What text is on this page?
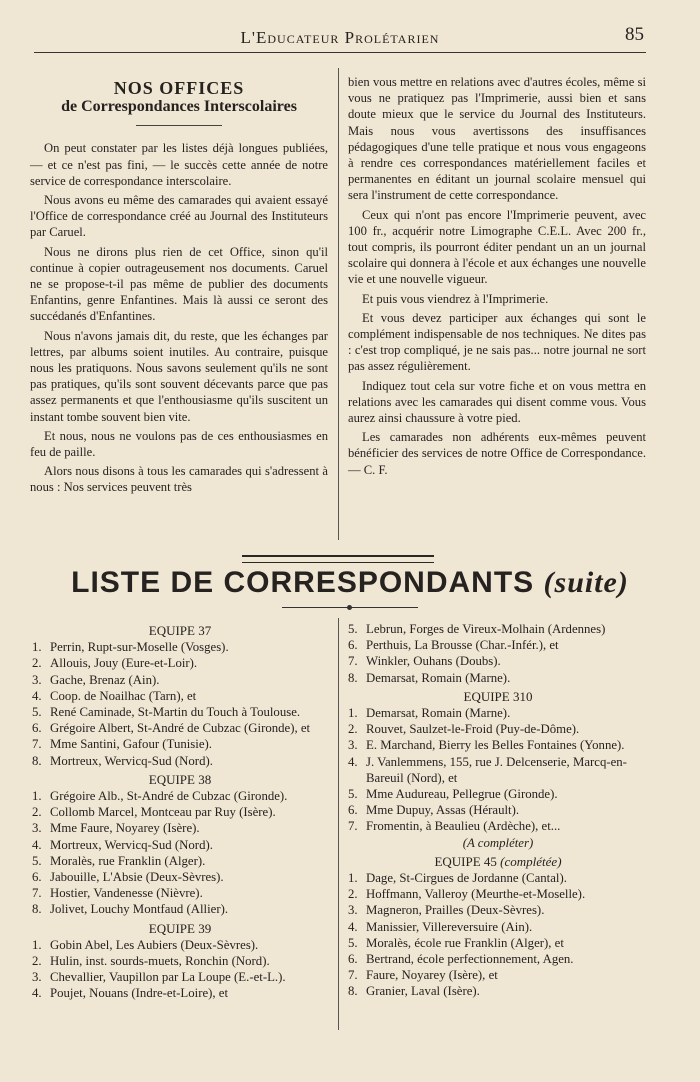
L'Educateur Prolétarien	85

NOS OFFICES

de Correspondances Interscolaires

On peut constater par les listes déjà longues publiées, — et ce n'est pas fini, — le succès cette année de notre service de correspondance interscolaire.

Nous avons eu même des camarades qui avaient essayé l'Office de correspondance créé au Journal des Instituteurs par Caruel.

Nous ne dirons plus rien de cet Office, sinon qu'il continue à copier outrageusement nos documents. Caruel ne se propose-t-il pas même de publier des documents Enfantins, genre Enfantines. Mais là aussi ce seront des succédanés d'Enfantines.

Nous n'avons jamais dit, du reste, que les échanges par lettres, par albums soient inutiles. Au contraire, puisque nous les pratiquons. Nous savons seulement qu'ils ne sont pas pratiques, qu'ils sont souvent décevants parce que pas assez permanents et que l'enthousiasme qu'ils suscitent un instant tombe souvent bien vite.

Et nous, nous ne voulons pas de ces enthousiasmes en feu de paille.

Alors nous disons à tous les camarades qui s'adressent à nous : Nos services peuvent très

bien vous mettre en relations avec d'autres écoles, même si vous ne pratiquez pas l'Imprimerie, aussi bien et sans doute mieux que le service du Journal des Instituteurs. Mais nous vous avertissons des insuffisances pédagogiques d'une telle pratique et nous vous engageons à rendre ces correspondances matériellement faciles et permanentes en éditant un journal scolaire mensuel qui sera l'instrument de cette correspondance.

Ceux qui n'ont pas encore l'Imprimerie peuvent, avec 100 fr., acquérir notre Limographe C.E.L. Avec 200 fr., tout compris, ils pourront éditer pendant un an un journal scolaire qui donnera à l'école et aux échanges une nouvelle vie et une nouvelle vigueur.

Et puis vous viendrez à l'Imprimerie.

Et vous devez participer aux échanges qui sont le complément indispensable de nos techniques. Ne dites pas : c'est trop compliqué, je ne sais pas... notre journal ne sort pas assez régulièrement.

Indiquez tout cela sur votre fiche et on vous mettra en relations avec les camarades qui disent comme vous. Vous aurez ainsi chaussure à votre pied.

Les camarades non adhérents eux-mêmes peuvent bénéficier des services de notre Office de Correspondance. — C. F.

LISTE DE CORRESPONDANTS (suite)

EQUIPE 37

1. Perrin, Rupt-sur-Moselle (Vosges).
2. Allouis, Jouy (Eure-et-Loir).
3. Gache, Brenaz (Ain).
4. Coop. de Noailhac (Tarn), et
5. René Caminade, St-Martin du Touch à Toulouse.
6. Grégoire Albert, St-André de Cubzac (Gironde), et
7. Mme Santini, Gafour (Tunisie).
8. Mortreux, Wervicq-Sud (Nord).

EQUIPE 38

1. Grégoire Alb., St-André de Cubzac (Gironde).
2. Collomb Marcel, Montceau par Ruy (Isère).
3. Mme Faure, Noyarey (Isère).
4. Mortreux, Wervicq-Sud (Nord).
5. Moralès, rue Franklin (Alger).
6. Jabouille, L'Absie (Deux-Sèvres).
7. Hostier, Vandenesse (Nièvre).
8. Jolivet, Louchy Montfaud (Allier).

EQUIPE 39

1. Gobin Abel, Les Aubiers (Deux-Sèvres).
2. Hulin, inst. sourds-muets, Ronchin (Nord).
3. Chevallier, Vaupillon par La Loupe (E.-et-L.).
4. Poujet, Nouans (Indre-et-Loire), et
5. Lebrun, Forges de Vireux-Molhain (Ardennes)
6. Perthuis, La Brousse (Char.-Infér.), et
7. Winkler, Ouhans (Doubs).
8. Demarsat, Romain (Marne).

EQUIPE 310

1. Demarsat, Romain (Marne).
2. Rouvet, Saulzet-le-Froid (Puy-de-Dôme).
3. E. Marchand, Bierry les Belles Fontaines (Yonne).
4. J. Vanlemmens, 155, rue J. Delcenserie, Marcq-en-Bareuil (Nord), et
5. Mme Audureau, Pellegrue (Gironde).
6. Mme Dupuy, Assas (Hérault).
7. Fromentin, à Beaulieu (Ardèche), et...

(A compléter)

EQUIPE 45 (complétée)

1. Dage, St-Cirgues de Jordanne (Cantal).
2. Hoffmann, Valleroy (Meurthe-et-Moselle).
3. Magneron, Prailles (Deux-Sèvres).
4. Manissier, Villereversuire (Ain).
5. Moralès, école rue Franklin (Alger), et
6. Bertrand, école perfectionnement, Agen.
7. Faure, Noyarey (Isère), et
8. Granier, Laval (Isère).
